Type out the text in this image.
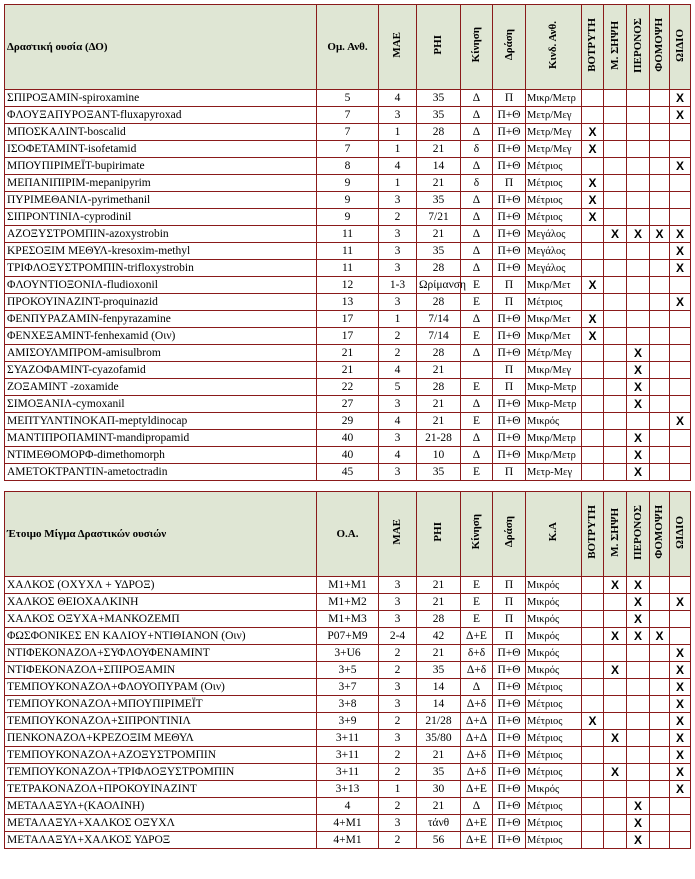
Δραστική ουσία (ΔΟ)	Ομ. Ανθ.	ΜΑΕ	PHI	Κίνηση	Δράση	Κινδ. Ανθ.	ΒΟΤΡΥΤΗ	Μ. ΣΗΨΗ	ΠΕΡΟΝΟΣ	ΦΟΜΟΨΗ	ΩΙΔΙΟ
ΣΠΙΡΟΞΑΜΙΝ-spiroxamine	5	4	35	Δ	Π	Μικρ/Μετρ					X
ΦΛΟΥΞΑΠΥΡΟΞΑΝΤ-fluxapyroxad	7	3	35	Δ	Π+Θ	Μετρ/Μεγ					X
ΜΠΟΣΚΑΛΙΝΤ-boscalid	7	1	28	Δ	Π+Θ	Μετρ/Μεγ	X				
ΙΣΟΦΕΤΑΜΙΝΤ-isofetamid	7	1	21	δ	Π+Θ	Μετρ/Μεγ	X				
ΜΠΟΥΠΙΡΙΜΕΪΤ-bupirimate	8	4	14	Δ	Π+Θ	Μέτριος					X
ΜΕΠΑΝΙΠΙΡΙΜ-mepanipyrim	9	1	21	δ	Π	Μέτριος	X				
ΠΥΡΙΜΕΘΑΝΙΛ-pyrimethanil	9	3	35	Δ	Π+Θ	Μέτριος	X				
ΣΙΠΡΟΝΤΙΝΙΛ-cyprodinil	9	2	7/21	Δ	Π+Θ	Μέτριος	X				
ΑΖΟΞΥΣΤΡΟΜΠΙΝ-azoxystrobin	11	3	21	Δ	Π+Θ	Μεγάλος		X	X	X	X
ΚΡΕΣΟΞΙΜ ΜΕΘΥΛ-kresoxim-methyl	11	3	35	Δ	Π+Θ	Μεγάλος					X
ΤΡΙΦΛΟΞΥΣΤΡΟΜΠΙΝ-trifloxystrobin	11	3	28	Δ	Π+Θ	Μεγάλος					X
ΦΛΟΥΝΤΙΟΞΟΝΙΛ-fludioxonil	12	1-3	Ωρίμανση	Ε	Π	Μικρ/Μετ	X				
ΠΡΟΚΟΥΙΝΑΖΙΝΤ-proquinazid	13	3	28	Ε	Π	Μέτριος					X
ΦΕΝΠΥΡΑΖΑΜΙΝ-fenpyrazamine	17	1	7/14	Δ	Π+Θ	Μικρ/Μετ	X				
ΦΕΝΧΕΞΑΜΙΝΤ-fenhexamid (Οιν)	17	2	7/14	Ε	Π+Θ	Μικρ/Μετ	X				
ΑΜΙΣΟΥΛΜΠΡΟΜ-amisulbrom	21	2	28	Δ	Π+Θ	Μέτρ/Μεγ			X		
ΣΥΑΖΟΦΑΜΙΝΤ-cyazofamid	21	4	21		Π	Μικρ/Μεγ			X		
ΖΟΞΑΜΙΝΤ -zoxamide	22	5	28	Ε	Π	Μικρ-Μετρ			X		
ΣΙΜΟΞΑΝΙΛ-cymoxanil	27	3	21	Δ	Π+Θ	Μικρ-Μετρ			X		
ΜΕΠΤΥΛΝΤΙΝΟΚΑΠ-meptyldinocap	29	4	21	Ε	Π+Θ	Μικρός					X
ΜΑΝΤΙΠΡΟΠΑΜΙΝΤ-mandipropamid	40	3	21-28	Δ	Π+Θ	Μικρ/Μετρ			X		
ΝΤΙΜΕΘΟΜΟΡΦ-dimethomorph	40	4	10	Δ	Π+Θ	Μικρ/Μετρ			X		
ΑΜΕΤΟΚΤΡΑΝΤΙΝ-ametoctradin	45	3	35	Ε	Π	Μετρ-Μεγ			X		

Έτοιμο Μίγμα Δραστικών ουσιών	Ο.Α.	ΜΑΕ	PHI	Κίνηση	Δράση	Κ.Α	ΒΟΤΡΥΤΗ	Μ. ΣΗΨΗ	ΠΕΡΟΝΟΣ	ΦΟΜΟΨΗ	ΩΙΔΙΟ
ΧΑΛΚΟΣ (ΟΧΥΧΛ + ΥΔΡΟΞ)	M1+M1	3	21	Ε	Π	Μικρός		X	X		
ΧΑΛΚΟΣ ΘΕΙΟΧΑΛΚΙΝΗ	M1+M2	3	21	Ε	Π	Μικρός			X		X
ΧΑΛΚΟΣ ΟΞΥΧΑ+ΜΑΝΚΟΖΕΜΠ	M1+M3	3	28	Ε	Π	Μικρός			X		
ΦΩΣΦΟΝΙΚΕΣ ΕΝ ΚΑΛΙΟΥ+ΝΤΙΘΙΑΝΟΝ (Οιν)	P07+M9	2-4	42	Δ+Ε	Π	Μικρός		X	X	X	
ΝΤΙΦΕΚΟΝΑΖΟΛ+ΣΥΦΛΟΥΦΕΝΑΜΙΝΤ	3+U6	2	21	δ+δ	Π+Θ	Μικρός					X
ΝΤΙΦΕΚΟΝΑΖΟΛ+ΣΠΙΡΟΞΑΜΙΝ	3+5	2	35	Δ+δ	Π+Θ	Μικρός		X			X
ΤΕΜΠΟΥΚΟΝΑΖΟΛ+ΦΛΟΥΟΠΥΡΑΜ (Οιν)	3+7	3	14	Δ	Π+Θ	Μέτριος					X
ΤΕΜΠΟΥΚΟΝΑΖΟΛ+ΜΠΟΥΠΙΡΙΜΕΪΤ	3+8	3	14	Δ+δ	Π+Θ	Μέτριος					X
ΤΕΜΠΟΥΚΟΝΑΖΟΛ+ΣΙΠΡΟΝΤΙΝΙΛ	3+9	2	21/28	Δ+Δ	Π+Θ	Μέτριος	X				X
ΠΕΝΚΟΝΑΖΟΛ+ΚΡΕΖΟΞΙΜ ΜΕΘΥΛ	3+11	3	35/80	Δ+Δ	Π+Θ	Μέτριος		X			X
ΤΕΜΠΟΥΚΟΝΑΖΟΛ+ΑΖΟΞΥΣΤΡΟΜΠΙΝ	3+11	2	21	Δ+δ	Π+Θ	Μέτριος					X
ΤΕΜΠΟΥΚΟΝΑΖΟΛ+ΤΡΙΦΛΟΞΥΣΤΡΟΜΠΙΝ	3+11	2	35	Δ+δ	Π+Θ	Μέτριος		X			X
ΤΕΤΡΑΚΟΝΑΖΟΛ+ΠΡΟΚΟΥΙΝΑΖΙΝΤ	3+13	1	30	Δ+Ε	Π+Θ	Μικρός					X
ΜΕΤΑΛΑΞΥΛ+(ΚΑΟΛΙΝΗ)	4	2	21	Δ	Π+Θ	Μέτριος			X		
ΜΕΤΑΛΑΞΥΛ+ΧΑΛΚΟΣ ΟΞΥΧΛ	4+M1	3	τάνθ	Δ+Ε	Π+Θ	Μέτριος			X		
ΜΕΤΑΛΑΞΥΛ+ΧΑΛΚΟΣ ΥΔΡΟΞ	4+M1	2	56	Δ+Ε	Π+Θ	Μέτριος			X		
